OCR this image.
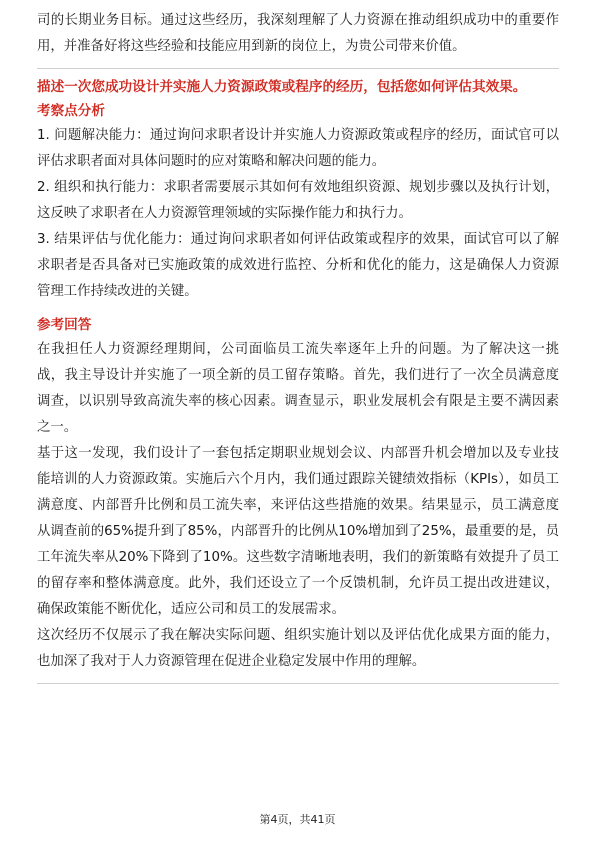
司的长期业务目标。通过这些经历，我深刻理解了人力资源在推动组织成功中的重要作用，并准备好将这些经验和技能应用到新的岗位上，为贵公司带来价值。

描述一次您成功设计并实施人力资源政策或程序的经历，包括您如何评估其效果。

考察点分析

1. 问题解决能力：通过询问求职者设计并实施人力资源政策或程序的经历，面试官可以评估求职者面对具体问题时的应对策略和解决问题的能力。

2. 组织和执行能力：求职者需要展示其如何有效地组织资源、规划步骤以及执行计划，这反映了求职者在人力资源管理领域的实际操作能力和执行力。

3. 结果评估与优化能力：通过询问求职者如何评估政策或程序的效果，面试官可以了解求职者是否具备对已实施政策的成效进行监控、分析和优化的能力，这是确保人力资源管理工作持续改进的关键。

参考回答

在我担任人力资源经理期间，公司面临员工流失率逐年上升的问题。为了解决这一挑战，我主导设计并实施了一项全新的员工留存策略。首先，我们进行了一次全员满意度调查，以识别导致高流失率的核心因素。调查显示，职业发展机会有限是主要不满因素之一。

基于这一发现，我们设计了一套包括定期职业规划会议、内部晋升机会增加以及专业技能培训的人力资源政策。实施后六个月内，我们通过跟踪关键绩效指标（KPIs），如员工满意度、内部晋升比例和员工流失率，来评估这些措施的效果。结果显示，员工满意度从调查前的65%提升到了85%，内部晋升的比例从10%增加到了25%，最重要的是，员工年流失率从20%下降到了10%。这些数字清晰地表明，我们的新策略有效提升了员工的留存率和整体满意度。此外，我们还设立了一个反馈机制，允许员工提出改进建议，确保政策能不断优化，适应公司和员工的发展需求。

这次经历不仅展示了我在解决实际问题、组织实施计划以及评估优化成果方面的能力，也加深了我对于人力资源管理在促进企业稳定发展中作用的理解。

第4页，共41页
